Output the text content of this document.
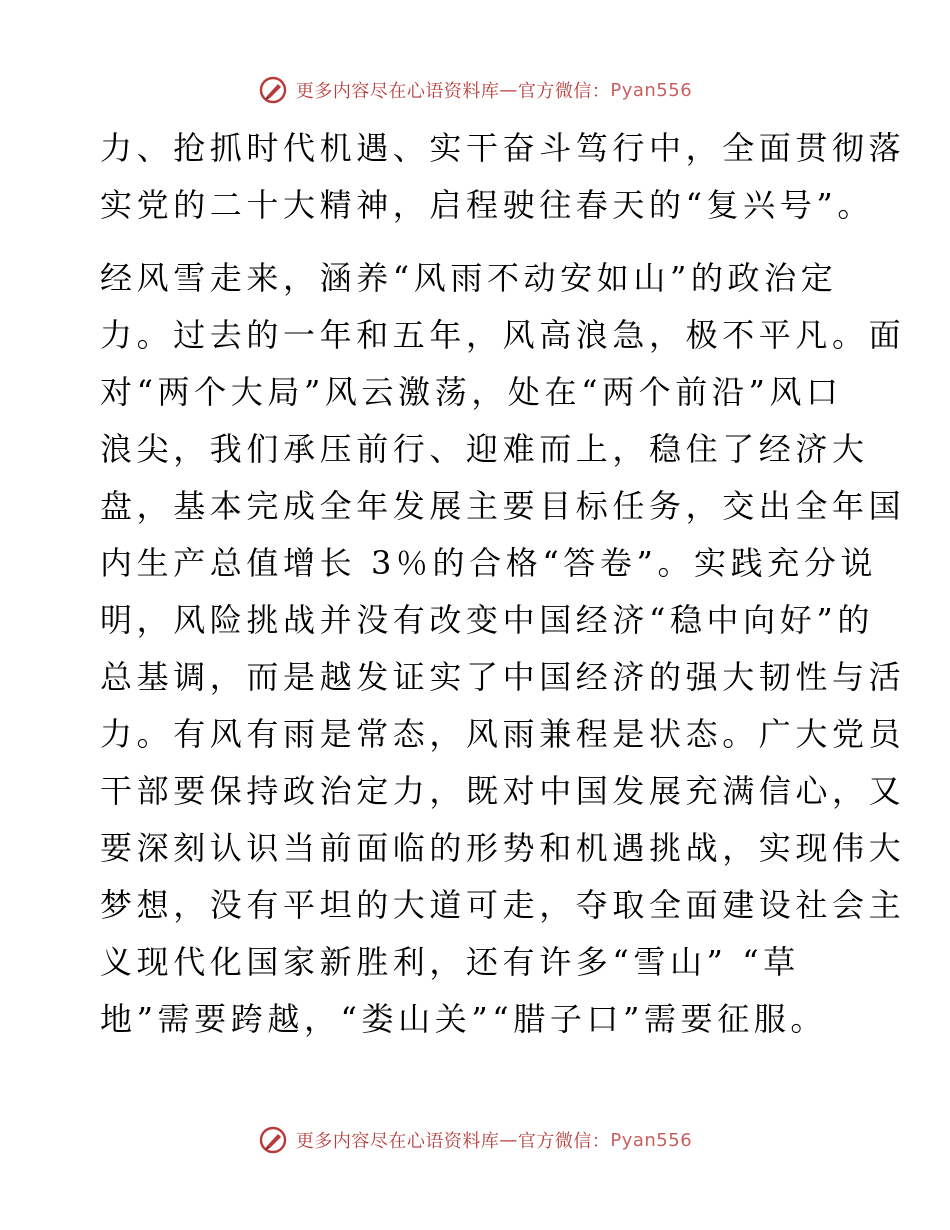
更多内容尽在心语资料库 — 官方微信： Pyan556
力、抢抓时代机遇、实干奋斗笃行中，全面贯彻落
实党的二十大精神，启程驶往春天的“复兴号”。
经风雪走来，涵养“风雨不动安如山”的政治定
力。过去的一年和五年，风高浪急，极不平凡。面
对“两个大局”风云激荡，处在“两个前沿”风口
浪尖，我们承压前行、迎难而上，稳住了经济大
盘，基本完成全年发展主要目标任务，交出全年国
内生产总值增长 3％的合格“答卷”。实践充分说
明，风险挑战并没有改变中国经济“稳中向好”的
总基调，而是越发证实了中国经济的强大韧性与活
力。有风有雨是常态，风雨兼程是状态。广大党员
干部要保持政治定力，既对中国发展充满信心，又
要深刻认识当前面临的形势和机遇挑战，实现伟大
梦想，没有平坦的大道可走，夺取全面建设社会主
义现代化国家新胜利，还有许多“雪山” “草
地”需要跨越，“娄山关”“腊子口”需要征服。
更多内容尽在心语资料库 — 官方微信： Pyan556
